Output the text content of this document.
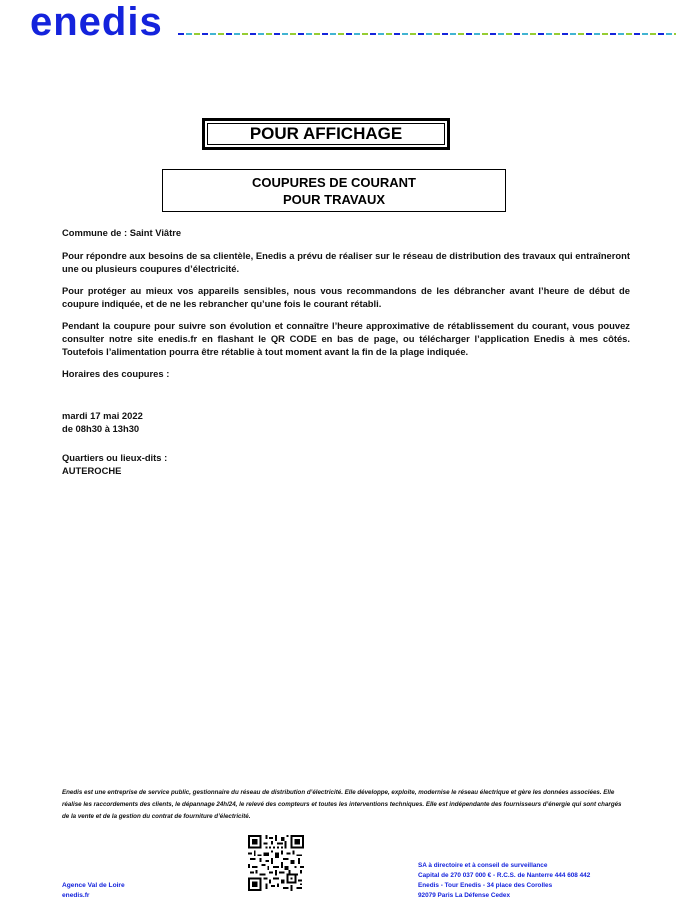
enedis
POUR AFFICHAGE
COUPURES DE COURANT
POUR TRAVAUX
Commune de : Saint Viâtre
Pour répondre aux besoins de sa clientèle, Enedis a prévu de réaliser sur le réseau de distribution des travaux qui entraîneront une ou plusieurs coupures d’électricité.
Pour protéger au mieux vos appareils sensibles, nous vous recommandons de les débrancher avant l’heure de début de coupure indiquée, et de ne les rebrancher qu’une fois le courant rétabli.
Pendant la coupure pour suivre son évolution et connaître l’heure approximative de rétablissement du courant, vous pouvez consulter notre site enedis.fr en flashant le QR CODE en bas de page, ou télécharger l’application Enedis à mes côtés. Toutefois l’alimentation pourra être rétablie à tout moment avant la fin de la plage indiquée.
Horaires des coupures :
mardi 17 mai 2022
de 08h30 à 13h30
Quartiers ou lieux-dits :
AUTEROCHE
Enedis est une entreprise de service public, gestionnaire du réseau de distribution d’électricité. Elle développe, exploite, modernise le réseau électrique et gère les données associées. Elle réalise les raccordements des clients, le dépannage 24h/24, le relevé des compteurs et toutes les interventions techniques. Elle est indépendante des fournisseurs d’énergie qui sont chargés de la vente et de la gestion du contrat de fourniture d’électricité.
Agence Val de Loire
enedis.fr
SA à directoire et à conseil de surveillance
Capital de 270 037 000 € - R.C.S. de Nanterre 444 608 442
Enedis - Tour Enedis - 34 place des Corolles
92079 Paris La Défense Cedex
